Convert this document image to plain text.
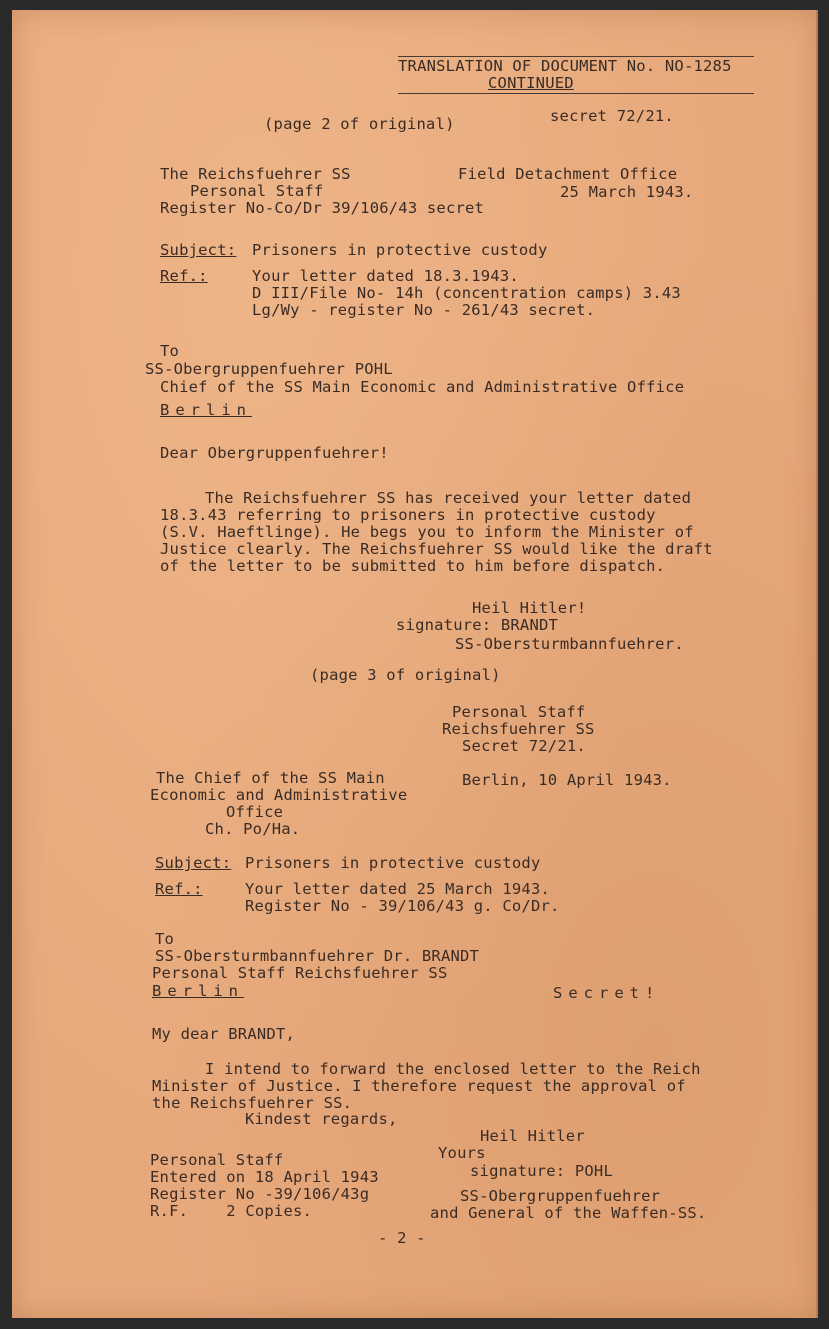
TRANSLATION OF DOCUMENT No. NO-1285
CONTINUED
(page 2 of original)	secret 72/21.
The Reichsfuehrer SS
Personal Staff
Register No-Co/Dr 39/106/43 secret
Field Detachment Office
25 March 1943.
Subject: Prisoners in protective custody
Ref.:	Your letter dated 18.3.1943.
D III/File No- 14h (concentration camps) 3.43
Lg/Wy - register No - 261/43 secret.
To
SS-Obergruppenfuehrer POHL
Chief of the SS Main Economic and Administrative Office
Berlin
Dear Obergruppenfuehrer!
The Reichsfuehrer SS has received your letter dated
18.3.43 referring to prisoners in protective custody
(S.V. Haeftlinge). He begs you to inform the Minister of
Justice clearly. The Reichsfuehrer SS would like the draft
of the letter to be submitted to him before dispatch.
Heil Hitler!
signature: BRANDT
SS-Obersturmbannfuehrer.
(page 3 of original)
Personal Staff
Reichsfuehrer SS
Secret 72/21.
The Chief of the SS Main
Economic and Administrative
Office
Ch. Po/Ha.
Berlin, 10 April 1943.
Subject: Prisoners in protective custody
Ref.:	Your letter dated 25 March 1943.
Register No - 39/106/43 g. Co/Dr.
To
SS-Obersturmbannfuehrer Dr. BRANDT
Personal Staff Reichsfuehrer SS
Berlin	Secret!
My dear BRANDT,
I intend to forward the enclosed letter to the Reich
Minister of Justice. I therefore request the approval of
the Reichsfuehrer SS.
Kindest regards,
Heil Hitler
Yours
signature: POHL
SS-Obergruppenfuehrer
and General of the Waffen-SS.
Personal Staff
Entered on 18 April 1943
Register No -39/106/43g
R.F.    2 Copies.
- 2 -
